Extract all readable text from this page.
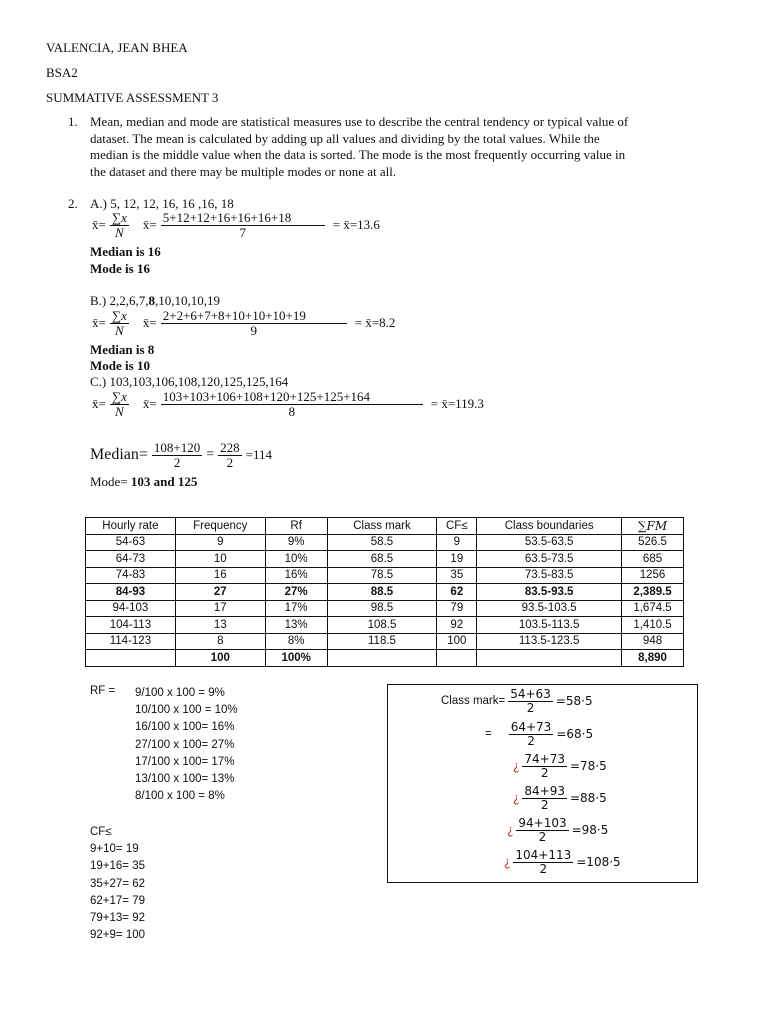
VALENCIA, JEAN BHEA
BSA2
SUMMATIVE ASSESSMENT 3
1. Mean, median and mode are statistical measures use to describe the central tendency or typical value of
dataset. The mean is calculated by adding up all values and dividing by the total values. While the
median is the middle value when the data is sorted. The mode is the most frequently occurring value in
the dataset and there may be multiple modes or none at all.
2. A.) 5, 12, 12, 16, 16 ,16, 18
x̄= $\frac{\sum x}{N}$ x̄= $\frac{5+12+12+16+16+16+18}{7}$ = x̄=13.6
Median is 16
Mode is 16
B.) 2,2,6,7,8,10,10,10,19
x̄= $\frac{\sum x}{N}$ x̄= $\frac{2+2+6+7+8+10+10+10+19}{9}$ = x̄=8.2
Median is 8
Mode is 10
C.) 103,103,106,108,120,125,125,164
x̄= $\frac{\sum x}{N}$ x̄= $\frac{103+103+106+108+120+125+125+164}{8}$ = x̄=119.3
Median= $\frac{108+120}{2} = \frac{228}{2} =114$
Mode= 103 and 125
Hourly rate	Frequency	Rf	Class mark	CF≤	Class boundaries	∑FM
54-63	9	9%	58.5	9	53.5-63.5	526.5
64-73	10	10%	68.5	19	63.5-73.5	685
74-83	16	16%	78.5	35	73.5-83.5	1256
84-93	27	27%	88.5	62	83.5-93.5	2,389.5
94-103	17	17%	98.5	79	93.5-103.5	1,674.5
104-113	13	13%	108.5	92	103.5-113.5	1,410.5
114-123	8	8%	118.5	100	113.5-123.5	948
	100	100%				8,890
RF = 9/100 x 100 = 9%
10/100 x 100 = 10%
16/100 x 100= 16%
27/100 x 100= 27%
17/100 x 100= 17%
13/100 x 100= 13%
8/100 x 100 = 8%
CF≤
9+10= 19
19+16= 35
35+27= 62
62+17= 79
79+13= 92
92+9= 100
Class mark= $\frac{54+63}{2} =58\cdot 5$
= $\frac{64+73}{2} =68\cdot 5$
¿ $\frac{74+73}{2} =78\cdot 5$
¿ $\frac{84+93}{2} =88\cdot 5$
¿ $\frac{94+103}{2} =98\cdot 5$
¿ $\frac{104+113}{2} =108\cdot 5$
